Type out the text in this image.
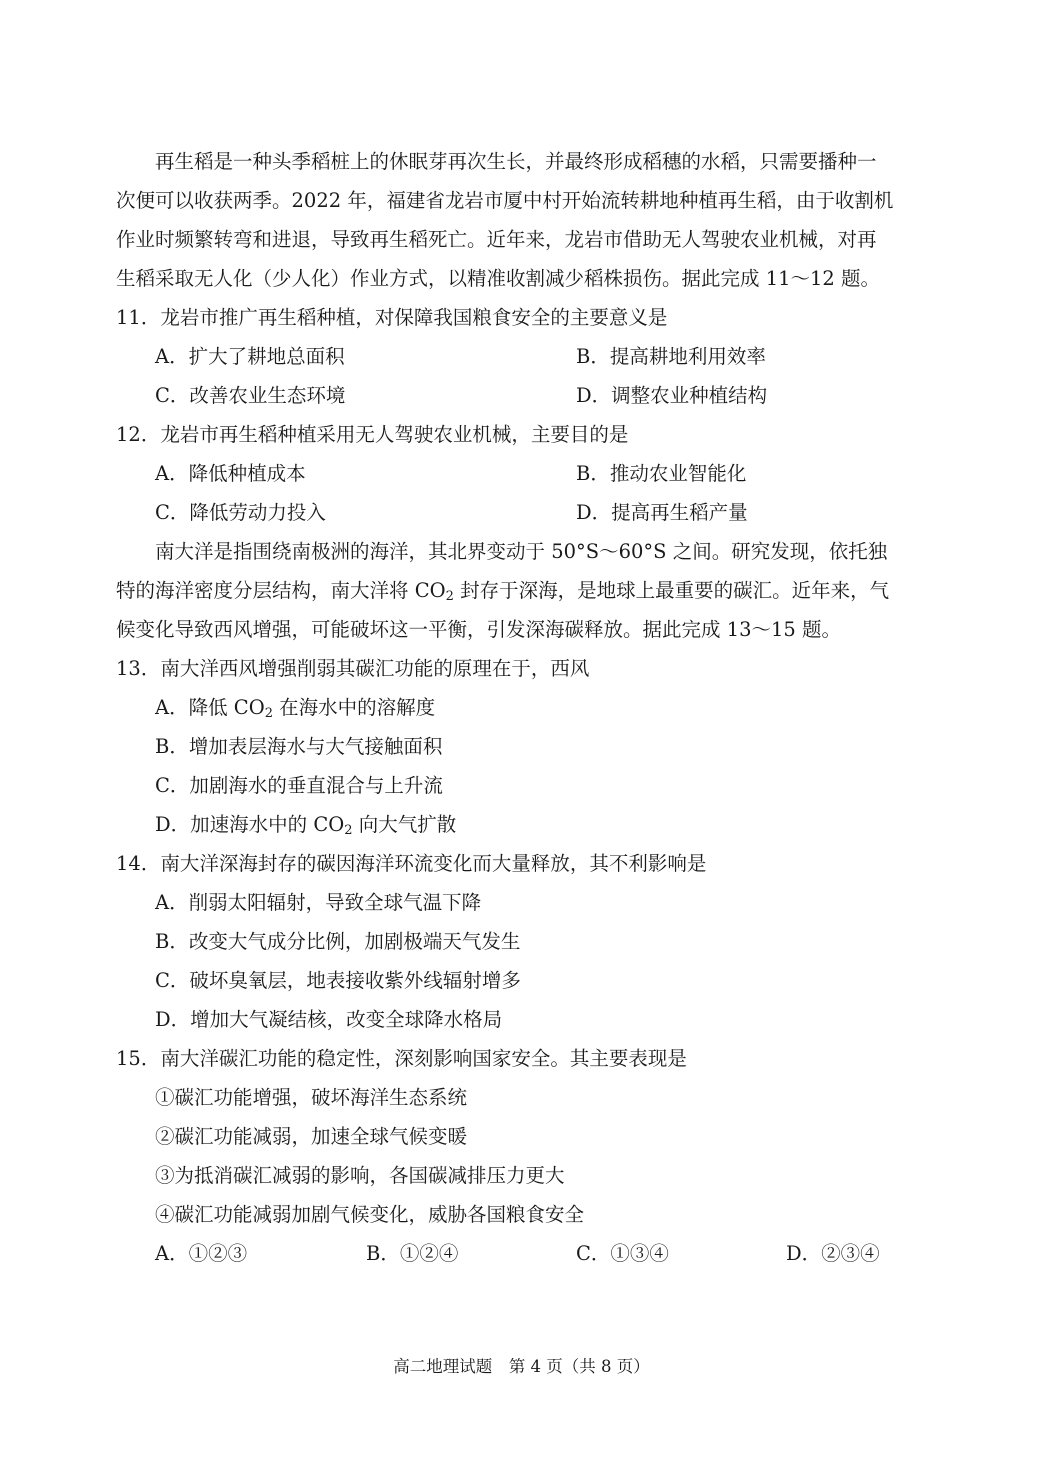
再生稻是一种头季稻桩上的休眠芽再次生长，并最终形成稻穗的水稻，只需要播种一
次便可以收获两季。2022 年，福建省龙岩市厦中村开始流转耕地种植再生稻，由于收割机
作业时频繁转弯和进退，导致再生稻死亡。近年来，龙岩市借助无人驾驶农业机械，对再
生稻采取无人化（少人化）作业方式，以精准收割减少稻株损伤。据此完成 11～12 题。
11．龙岩市推广再生稻种植，对保障我国粮食安全的主要意义是
A．扩大了耕地总面积	B．提高耕地利用效率
C．改善农业生态环境	D．调整农业种植结构
12．龙岩市再生稻种植采用无人驾驶农业机械，主要目的是
A．降低种植成本	B．推动农业智能化
C．降低劳动力投入	D．提高再生稻产量
南大洋是指围绕南极洲的海洋，其北界变动于 50°S～60°S 之间。研究发现，依托独
特的海洋密度分层结构，南大洋将 $CO_2$ 封存于深海，是地球上最重要的碳汇。近年来，气
候变化导致西风增强，可能破坏这一平衡，引发深海碳释放。据此完成 13～15 题。
13．南大洋西风增强削弱其碳汇功能的原理在于，西风
A．降低 $CO_2$ 在海水中的溶解度
B．增加表层海水与大气接触面积
C．加剧海水的垂直混合与上升流
D．加速海水中的 $CO_2$ 向大气扩散
14．南大洋深海封存的碳因海洋环流变化而大量释放，其不利影响是
A．削弱太阳辐射，导致全球气温下降
B．改变大气成分比例，加剧极端天气发生
C．破坏臭氧层，地表接收紫外线辐射增多
D．增加大气凝结核，改变全球降水格局
15．南大洋碳汇功能的稳定性，深刻影响国家安全。其主要表现是
①碳汇功能增强，破坏海洋生态系统
②碳汇功能减弱，加速全球气候变暖
③为抵消碳汇减弱的影响，各国碳减排压力更大
④碳汇功能减弱加剧气候变化，威胁各国粮食安全
A．①②③	B．①②④	C．①③④	D．②③④
高二地理试题　第 4 页（共 8 页）
